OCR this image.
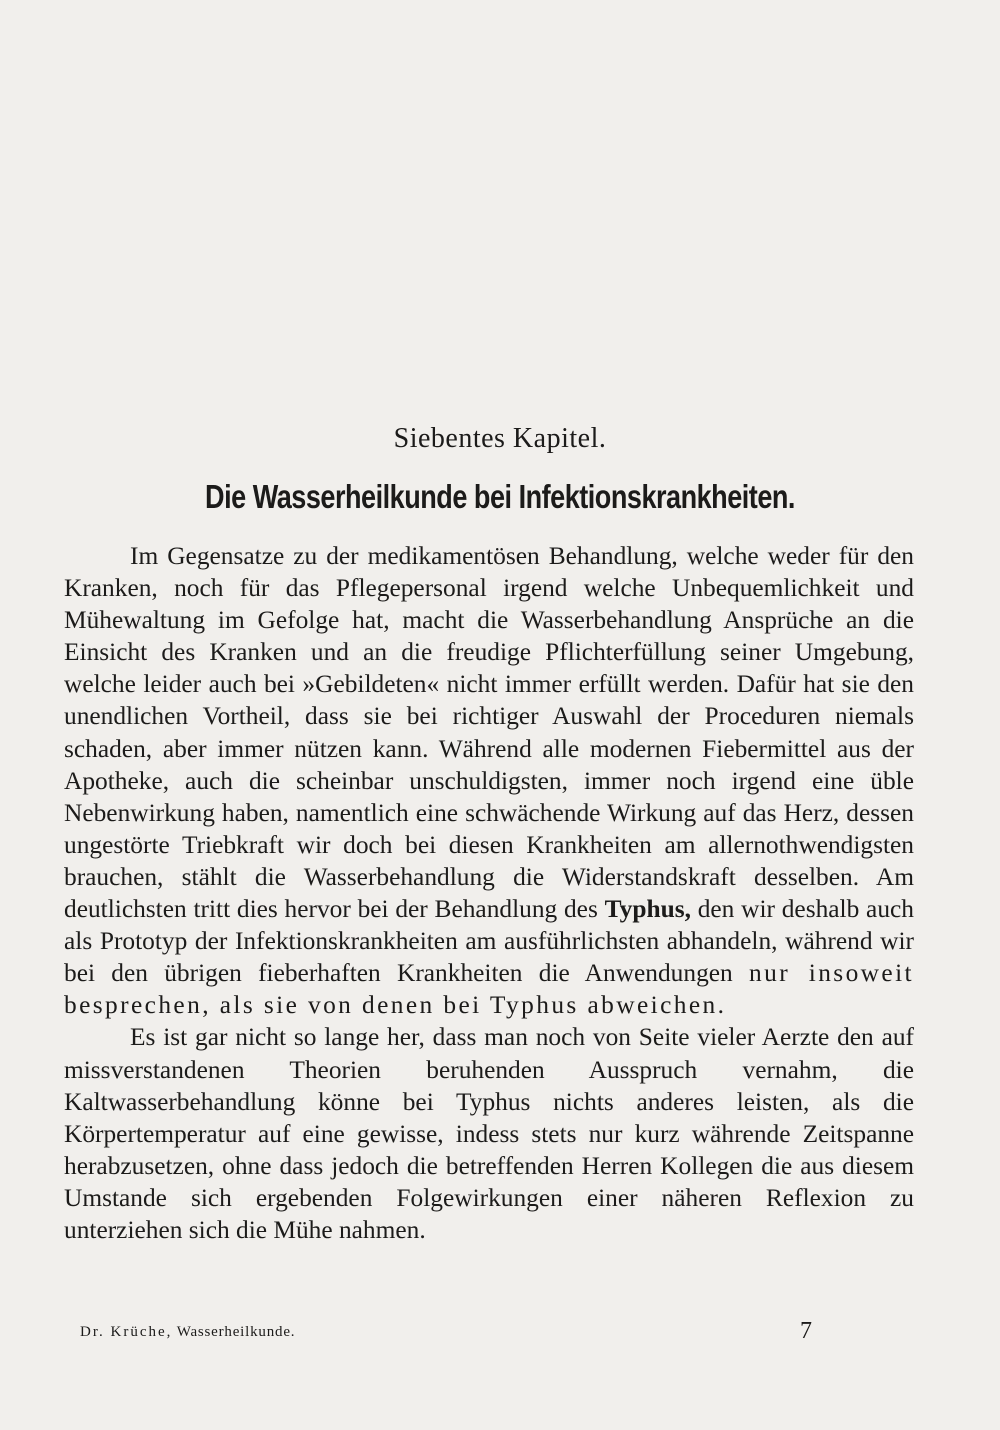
Siebentes Kapitel.
Die Wasserheilkunde bei Infektionskrankheiten.

Im Gegensatze zu der medikamentösen Behandlung, welche weder für den Kranken, noch für das Pflegepersonal irgend welche Unbequemlichkeit und Mühewaltung im Gefolge hat, macht die Wasserbehandlung Ansprüche an die Einsicht des Kranken und an die freudige Pflichterfüllung seiner Umgebung, welche leider auch bei »Gebildeten« nicht immer erfüllt werden. Dafür hat sie den unendlichen Vortheil, dass sie bei richtiger Auswahl der Proceduren niemals schaden, aber immer nützen kann. Während alle modernen Fiebermittel aus der Apotheke, auch die scheinbar unschuldigsten, immer noch irgend eine üble Nebenwirkung haben, namentlich eine schwächende Wirkung auf das Herz, dessen ungestörte Triebkraft wir doch bei diesen Krankheiten am allernothwendigsten brauchen, stählt die Wasserbehandlung die Widerstandskraft desselben. Am deutlichsten tritt dies hervor bei der Behandlung des Typhus, den wir deshalb auch als Prototyp der Infektionskrankheiten am ausführlichsten abhandeln, während wir bei den übrigen fieberhaften Krankheiten die Anwendungen nur insoweit besprechen, als sie von denen bei Typhus abweichen.

Es ist gar nicht so lange her, dass man noch von Seite vieler Aerzte den auf missverstandenen Theorien beruhenden Ausspruch vernahm, die Kaltwasserbehandlung könne bei Typhus nichts anderes leisten, als die Körpertemperatur auf eine gewisse, indess stets nur kurz währende Zeitspanne herabzusetzen, ohne dass jedoch die betreffenden Herren Kollegen die aus diesem Umstande sich ergebenden Folgewirkungen einer näheren Reflexion zu unterziehen sich die Mühe nahmen.

Dr. Krüche, Wasserheilkunde.	7
